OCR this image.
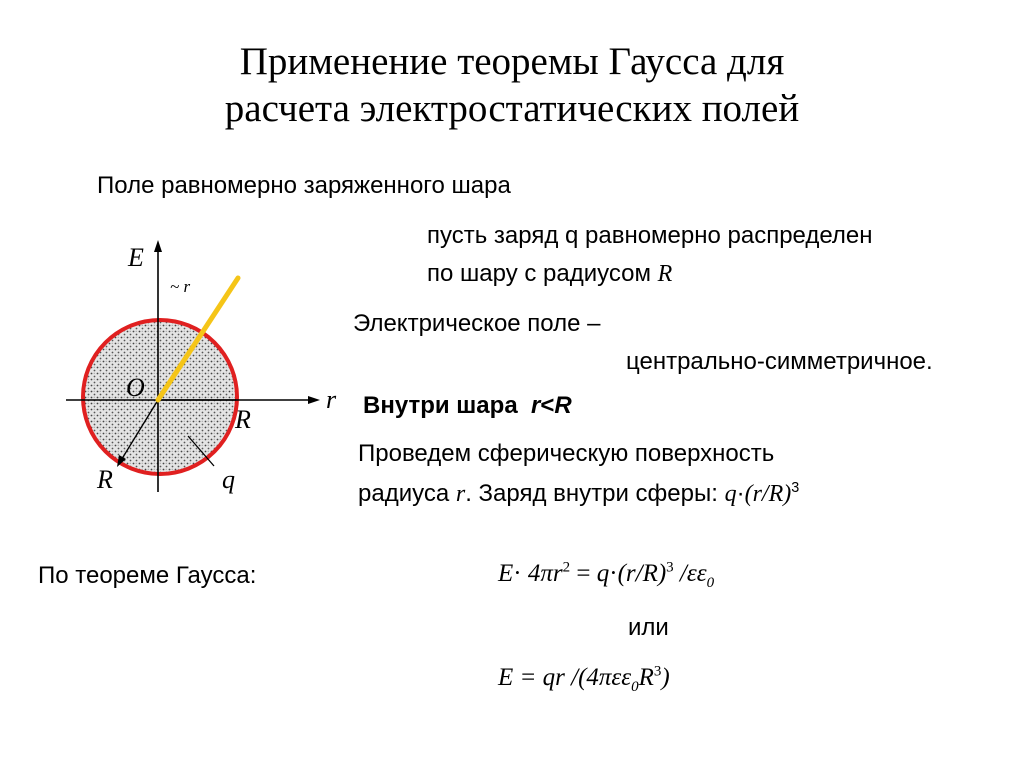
Применение теоремы Гаусса для
расчета электростатических полей
Поле равномерно заряженного шара
пусть заряд q равномерно распределен
по шару с радиусом R
Электрическое поле –
центрально-симметричное.
Внутри шара r<R
Проведем сферическую поверхность
радиуса r. Заряд внутри сферы: $q\cdot(r/R)^3$
По теореме Гаусса:	$E\cdot 4\pi r^2 = q\cdot(r/R)^3$ $/\varepsilon\varepsilon_0$
или
E = qr $/(4\pi\varepsilon\varepsilon_0R^3)$
E
~ r
O	r
R
R	q
